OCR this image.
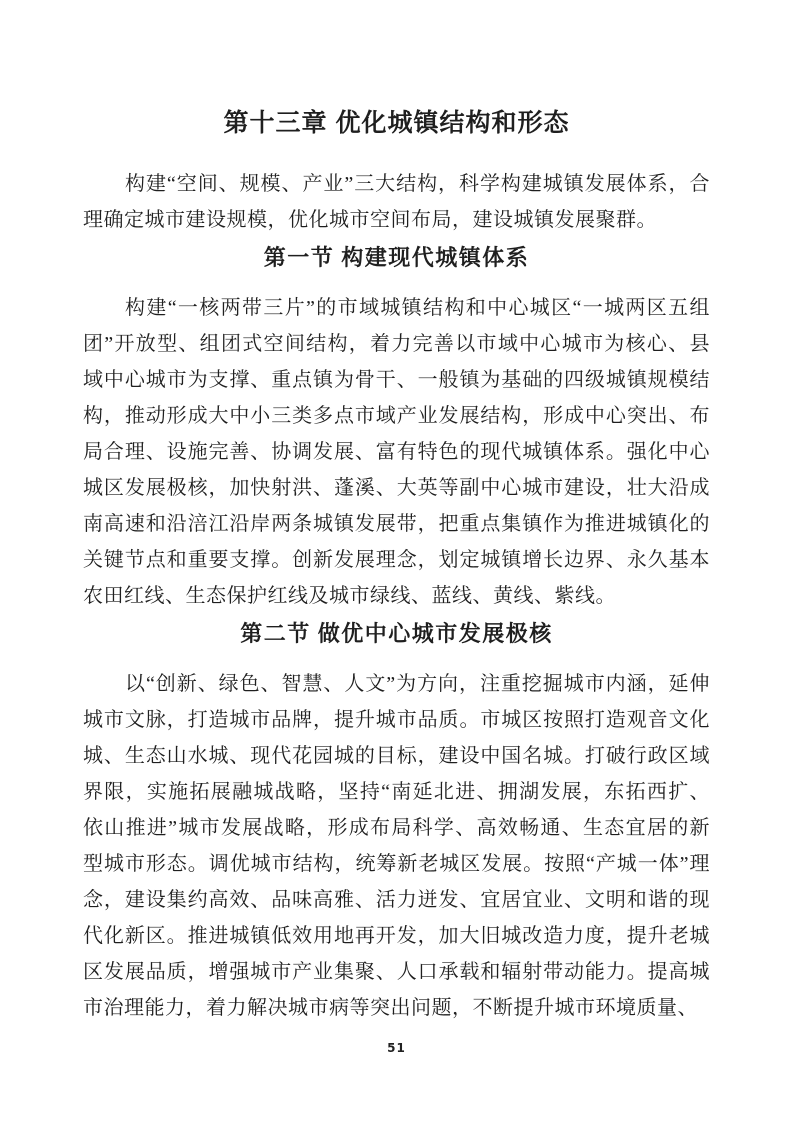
第十三章 优化城镇结构和形态
构建“空间、规模、产业”三大结构，科学构建城镇发展体系，合
理确定城市建设规模，优化城市空间布局，建设城镇发展聚群。
第一节 构建现代城镇体系
构建“一核两带三片”的市域城镇结构和中心城区“一城两区五组
团”开放型、组团式空间结构，着力完善以市域中心城市为核心、县
域中心城市为支撑、重点镇为骨干、一般镇为基础的四级城镇规模结
构，推动形成大中小三类多点市域产业发展结构，形成中心突出、布
局合理、设施完善、协调发展、富有特色的现代城镇体系。强化中心
城区发展极核，加快射洪、蓬溪、大英等副中心城市建设，壮大沿成
南高速和沿涪江沿岸两条城镇发展带，把重点集镇作为推进城镇化的
关键节点和重要支撑。创新发展理念，划定城镇增长边界、永久基本
农田红线、生态保护红线及城市绿线、蓝线、黄线、紫线。
第二节 做优中心城市发展极核
以“创新、绿色、智慧、人文”为方向，注重挖掘城市内涵，延伸
城市文脉，打造城市品牌，提升城市品质。市城区按照打造观音文化
城、生态山水城、现代花园城的目标，建设中国名城。打破行政区域
界限，实施拓展融城战略，坚持“南延北进、拥湖发展，东拓西扩、
依山推进”城市发展战略，形成布局科学、高效畅通、生态宜居的新
型城市形态。调优城市结构，统筹新老城区发展。按照“产城一体”理
念，建设集约高效、品味高雅、活力迸发、宜居宜业、文明和谐的现
代化新区。推进城镇低效用地再开发，加大旧城改造力度，提升老城
区发展品质，增强城市产业集聚、人口承载和辐射带动能力。提高城
市治理能力，着力解决城市病等突出问题，不断提升城市环境质量、
51
